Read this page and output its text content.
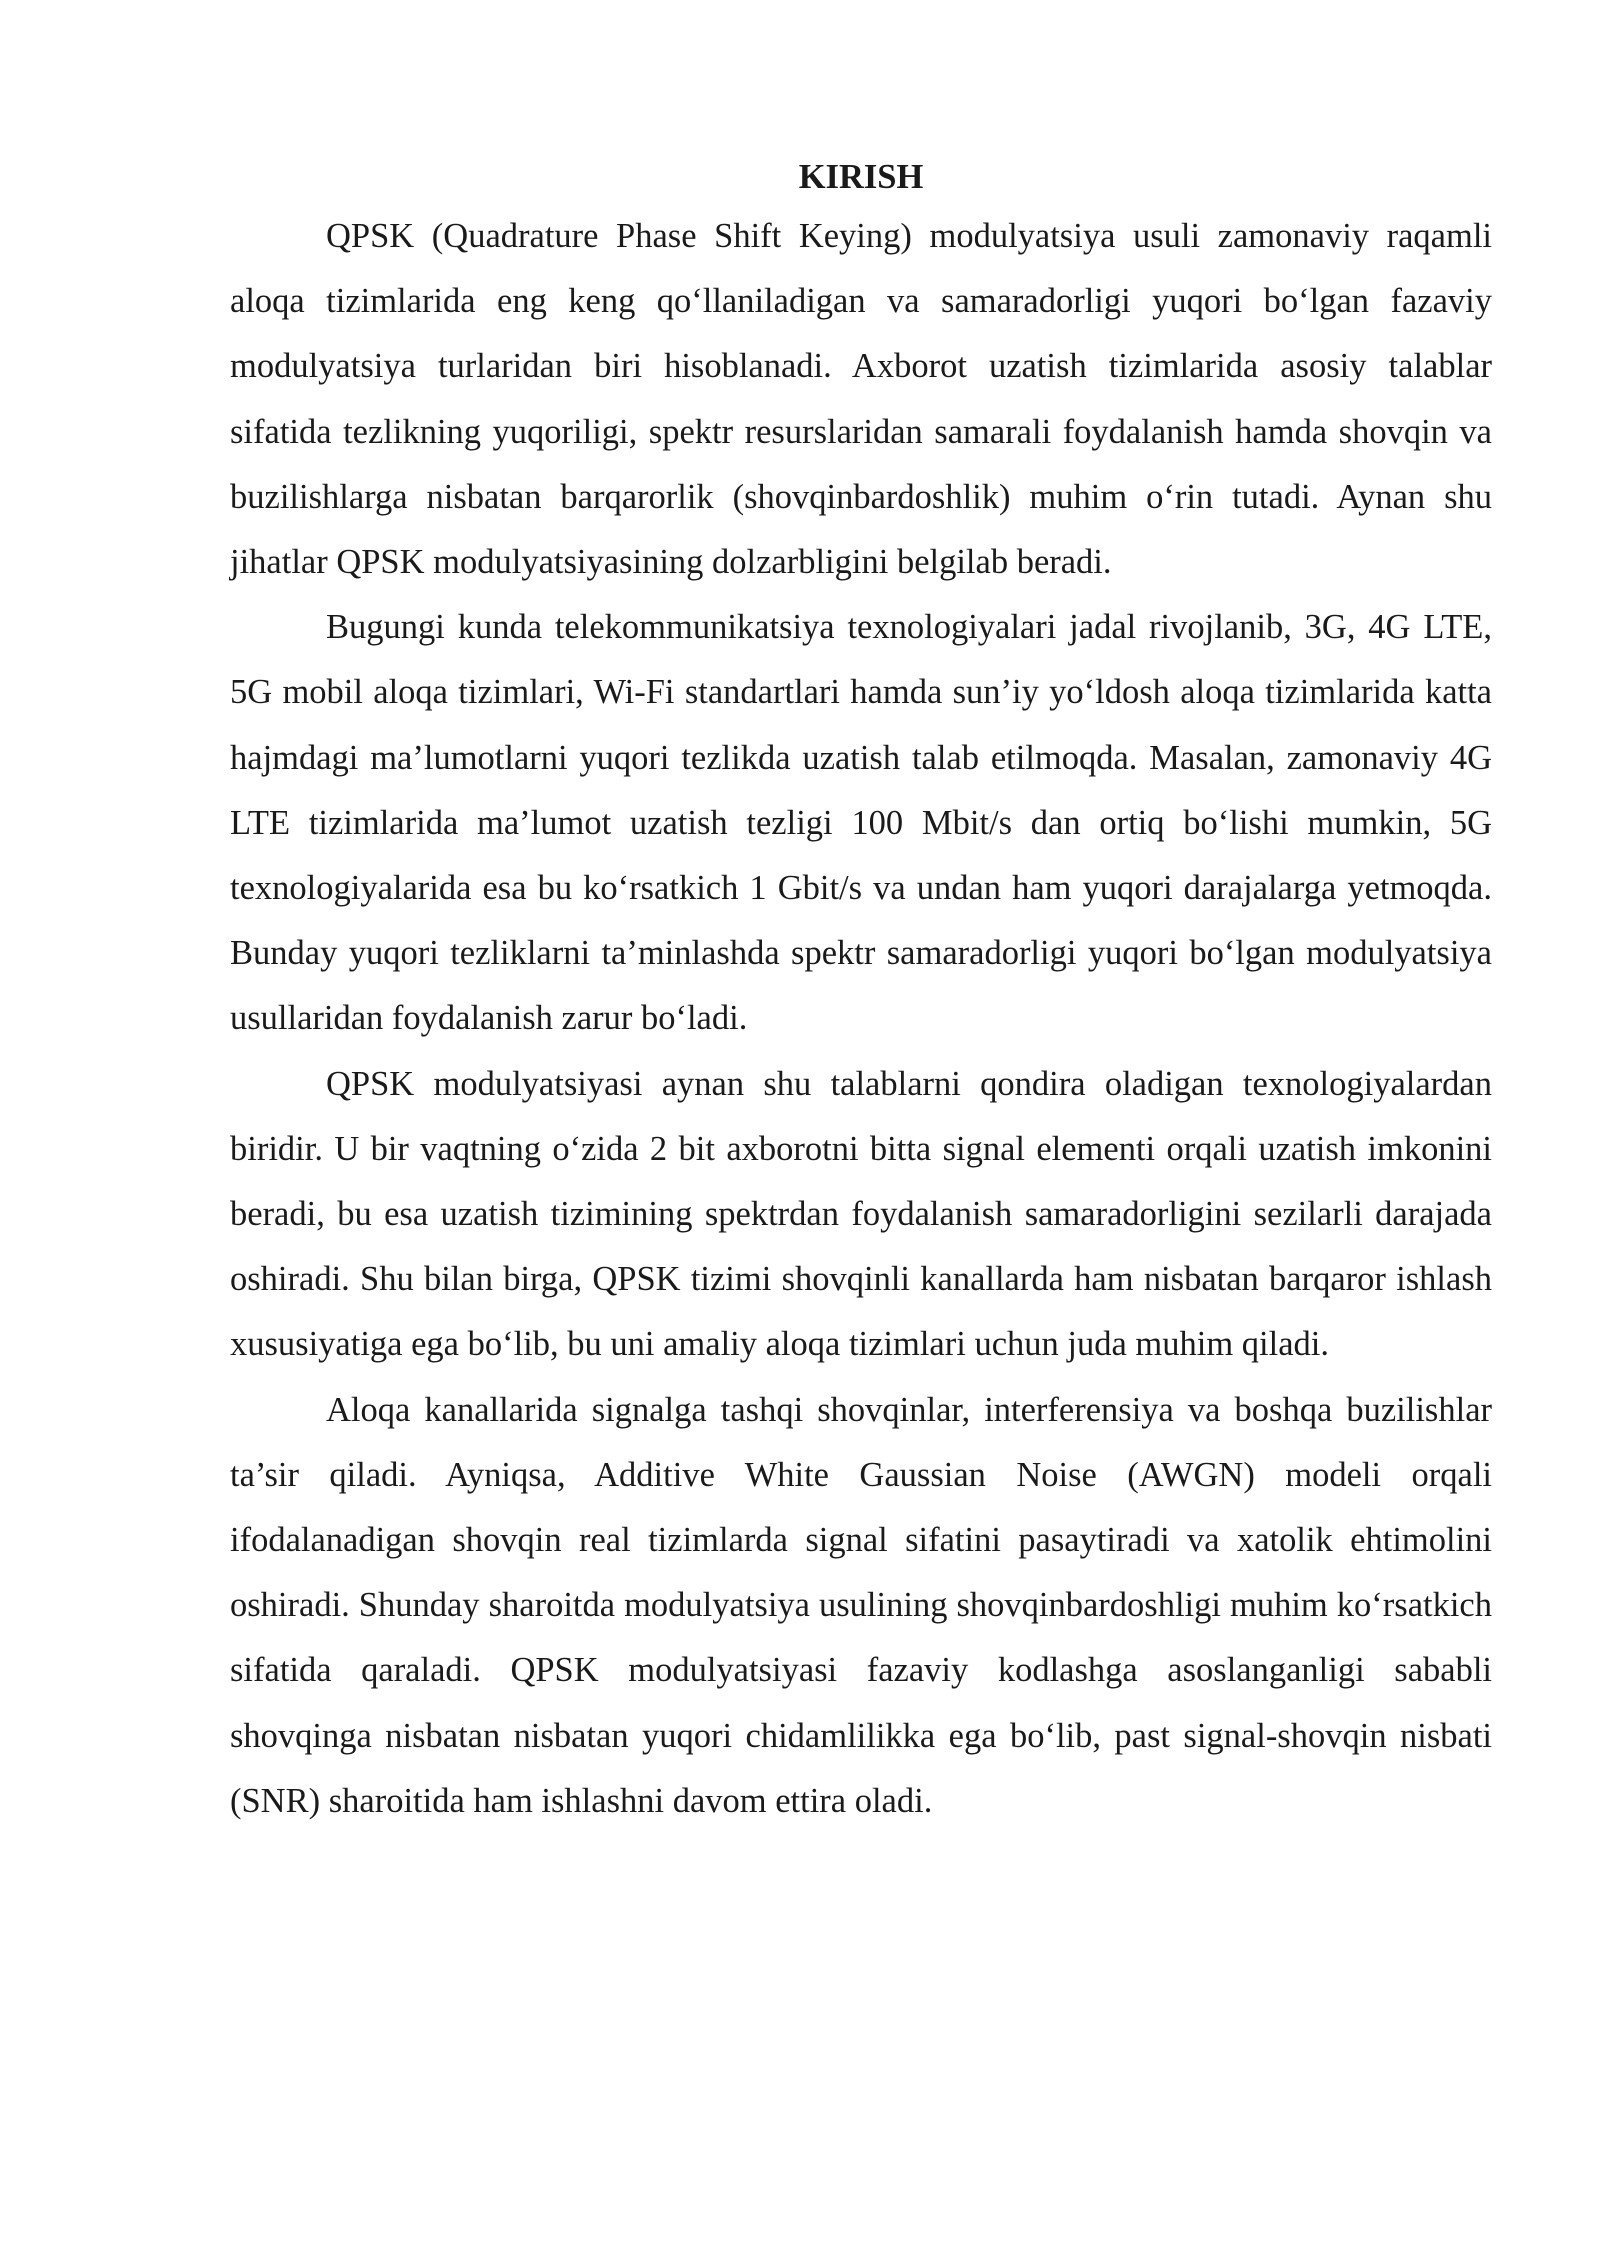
KIRISH

QPSK (Quadrature Phase Shift Keying) modulyatsiya usuli zamonaviy raqamli aloqa tizimlarida eng keng qo‘llaniladigan va samaradorligi yuqori bo‘lgan fazaviy modulyatsiya turlaridan biri hisoblanadi. Axborot uzatish tizimlarida asosiy talablar sifatida tezlikning yuqoriligi, spektr resurslaridan samarali foydalanish hamda shovqin va buzilishlarga nisbatan barqarorlik (shovqinbardoshlik) muhim o‘rin tutadi. Aynan shu jihatlar QPSK modulyatsiyasining dolzarbligini belgilab beradi.

Bugungi kunda telekommunikatsiya texnologiyalari jadal rivojlanib, 3G, 4G LTE, 5G mobil aloqa tizimlari, Wi-Fi standartlari hamda sun’iy yo‘ldosh aloqa tizimlarida katta hajmdagi ma’lumotlarni yuqori tezlikda uzatish talab etilmoqda. Masalan, zamonaviy 4G LTE tizimlarida ma’lumot uzatish tezligi 100 Mbit/s dan ortiq bo‘lishi mumkin, 5G texnologiyalarida esa bu ko‘rsatkich 1 Gbit/s va undan ham yuqori darajalarga yetmoqda. Bunday yuqori tezliklarni ta’minlashda spektr samaradorligi yuqori bo‘lgan modulyatsiya usullaridan foydalanish zarur bo‘ladi.

QPSK modulyatsiyasi aynan shu talablarni qondira oladigan texnologiyalardan biridir. U bir vaqtning o‘zida 2 bit axborotni bitta signal elementi orqali uzatish imkonini beradi, bu esa uzatish tizimining spektrdan foydalanish samaradorligini sezilarli darajada oshiradi. Shu bilan birga, QPSK tizimi shovqinli kanallarda ham nisbatan barqaror ishlash xususiyatiga ega bo‘lib, bu uni amaliy aloqa tizimlari uchun juda muhim qiladi.

Aloqa kanallarida signalga tashqi shovqinlar, interferensiya va boshqa buzilishlar ta’sir qiladi. Ayniqsa, Additive White Gaussian Noise (AWGN) modeli orqali ifodalanadigan shovqin real tizimlarda signal sifatini pasaytiradi va xatolik ehtimolini oshiradi. Shunday sharoitda modulyatsiya usulining shovqinbardoshligi muhim ko‘rsatkich sifatida qaraladi. QPSK modulyatsiyasi fazaviy kodlashga asoslanganligi sababli shovqinga nisbatan nisbatan yuqori chidamlilikka ega bo‘lib, past signal-shovqin nisbati (SNR) sharoitida ham ishlashni davom ettira oladi.
